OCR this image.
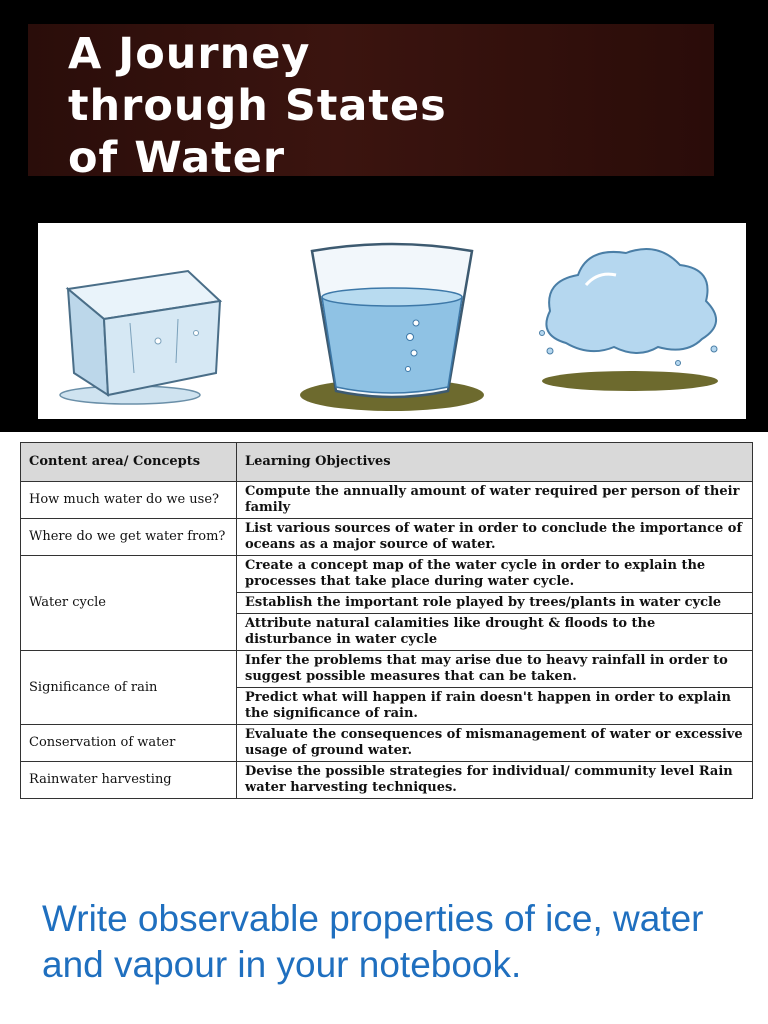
A Journey
through States
of Water
Content area/ Concepts	Learning Objectives
How much water do we use?	Compute the annually amount of water required per person of their family
Where do we get water from?	List various sources of water in order to conclude the importance of oceans as a major source of water.
Water cycle	Create a concept map of the water cycle in order to explain the processes that take place during water cycle.
	Establish the important role played by trees/plants in water cycle
	Attribute natural calamities like drought & floods to the disturbance in water cycle
Significance of rain	Infer the problems that may arise due to heavy rainfall in order to suggest possible measures that can be taken.
	Predict what will happen if rain doesn't happen in order to explain the significance of rain.
Conservation of water	Evaluate the consequences of mismanagement of water or excessive usage of ground water.
Rainwater harvesting	Devise the possible strategies for individual/ community level Rain water harvesting techniques.

Write observable properties of ice, water and vapour in your notebook.
